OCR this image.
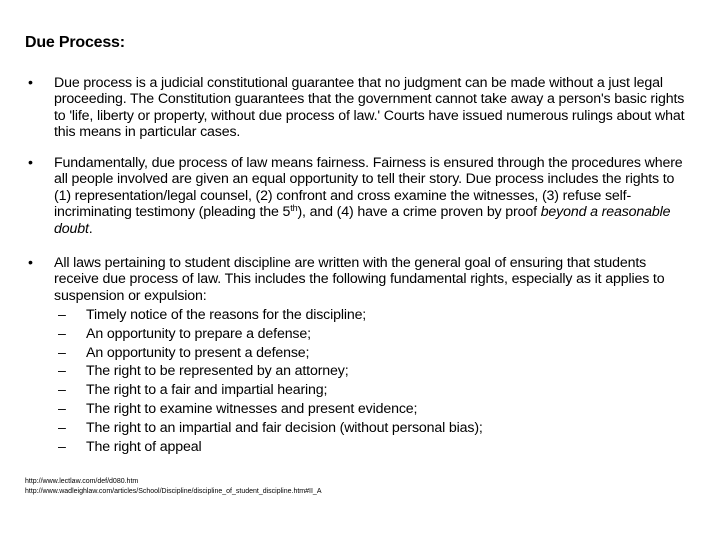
Due Process:
• Due process is a judicial constitutional guarantee that no judgment can be made without a just legal proceeding. The Constitution guarantees that the government cannot take away a person's basic rights to 'life, liberty or property, without due process of law.' Courts have issued numerous rulings about what this means in particular cases.
• Fundamentally, due process of law means fairness. Fairness is ensured through the procedures where all people involved are given an equal opportunity to tell their story. Due process includes the rights to (1) representation/legal counsel, (2) confront and cross examine the witnesses, (3) refuse self-incriminating testimony (pleading the 5th), and (4) have a crime proven by proof beyond a reasonable doubt.
• All laws pertaining to student discipline are written with the general goal of ensuring that students receive due process of law. This includes the following fundamental rights, especially as it applies to suspension or expulsion:
– Timely notice of the reasons for the discipline;
– An opportunity to prepare a defense;
– An opportunity to present a defense;
– The right to be represented by an attorney;
– The right to a fair and impartial hearing;
– The right to examine witnesses and present evidence;
– The right to an impartial and fair decision (without personal bias);
– The right of appeal
http://www.lectlaw.com/def/d080.htm
http://www.wadleighlaw.com/articles/School/Discipline/discipline_of_student_discipline.htm#II_A
